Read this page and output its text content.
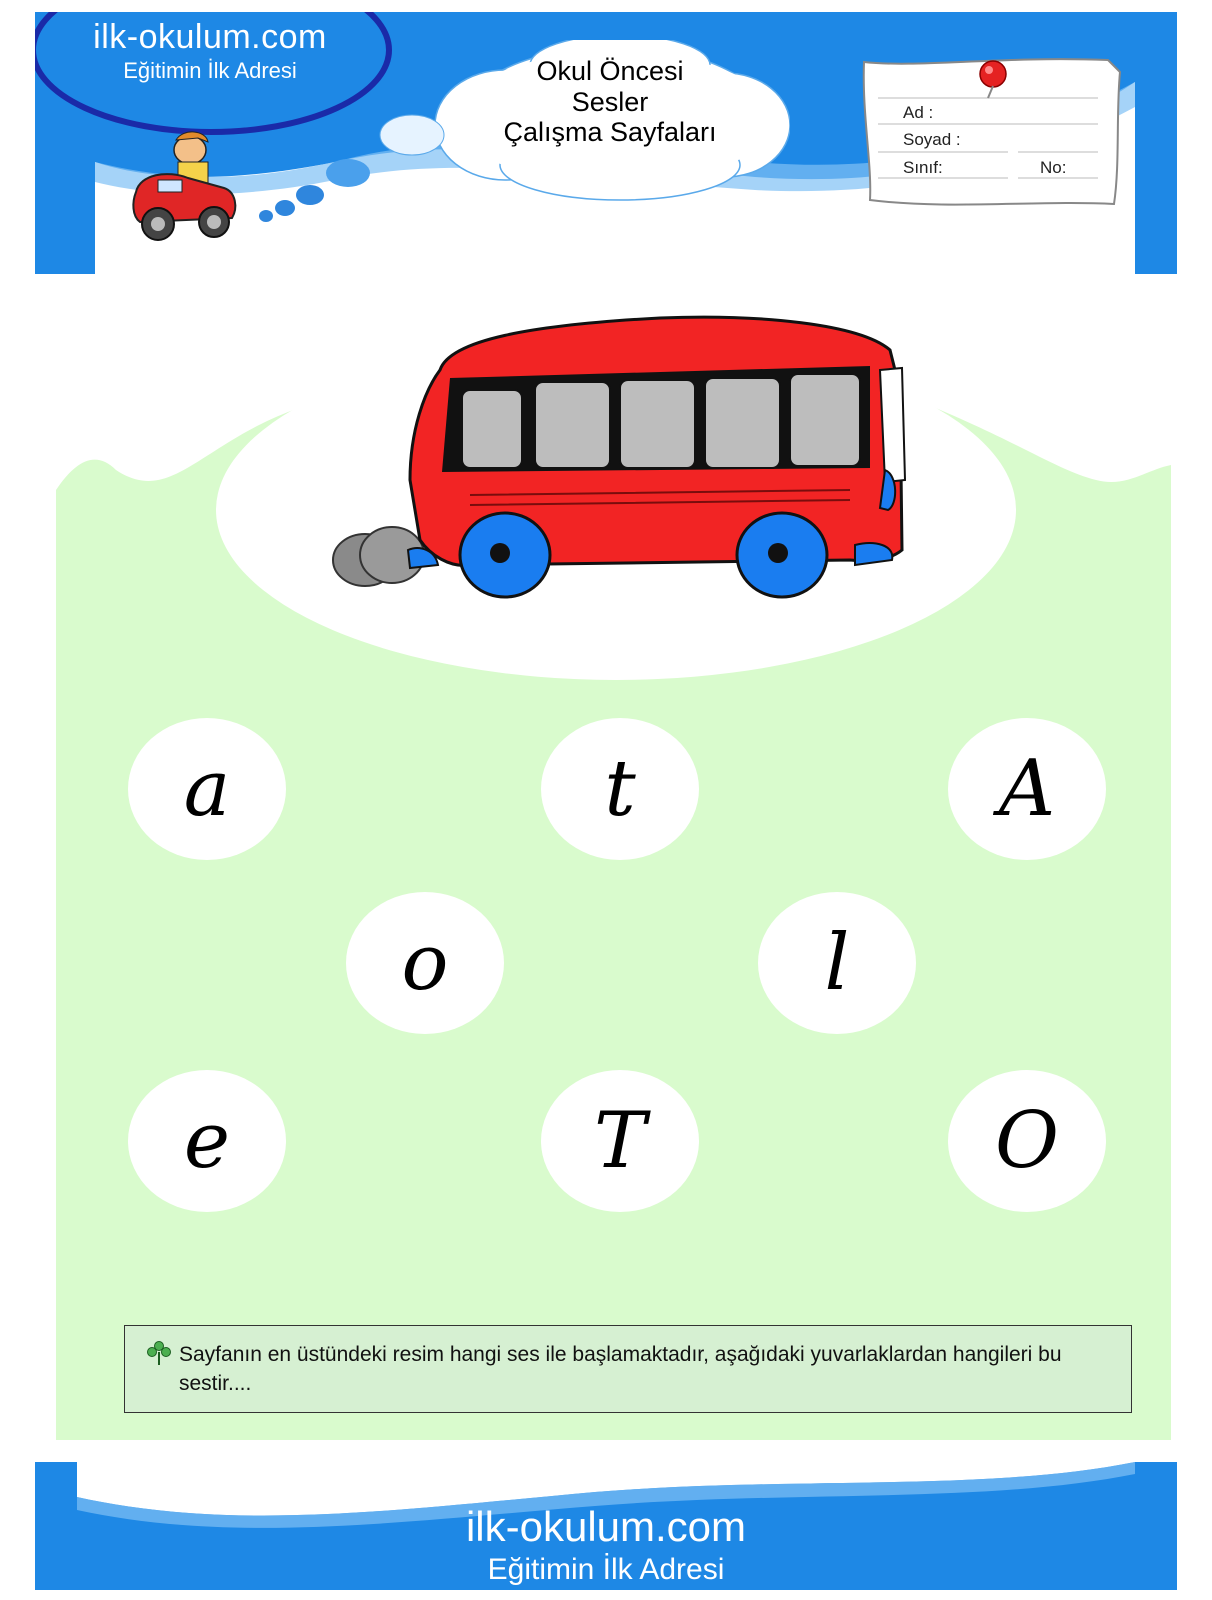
ilk-okulum.com
Eğitimin İlk Adresi	Okul Öncesi
Sesler
Çalışma Sayfaları
Ad :
Soyad :
Sınıf:	No:
a	t	A
o	l
e	T	O
Sayfanın en üstündeki resim hangi ses ile başlamaktadır, aşağıdaki yuvarlaklardan hangileri bu sestir....
ilk-okulum.com
Eğitimin İlk Adresi
